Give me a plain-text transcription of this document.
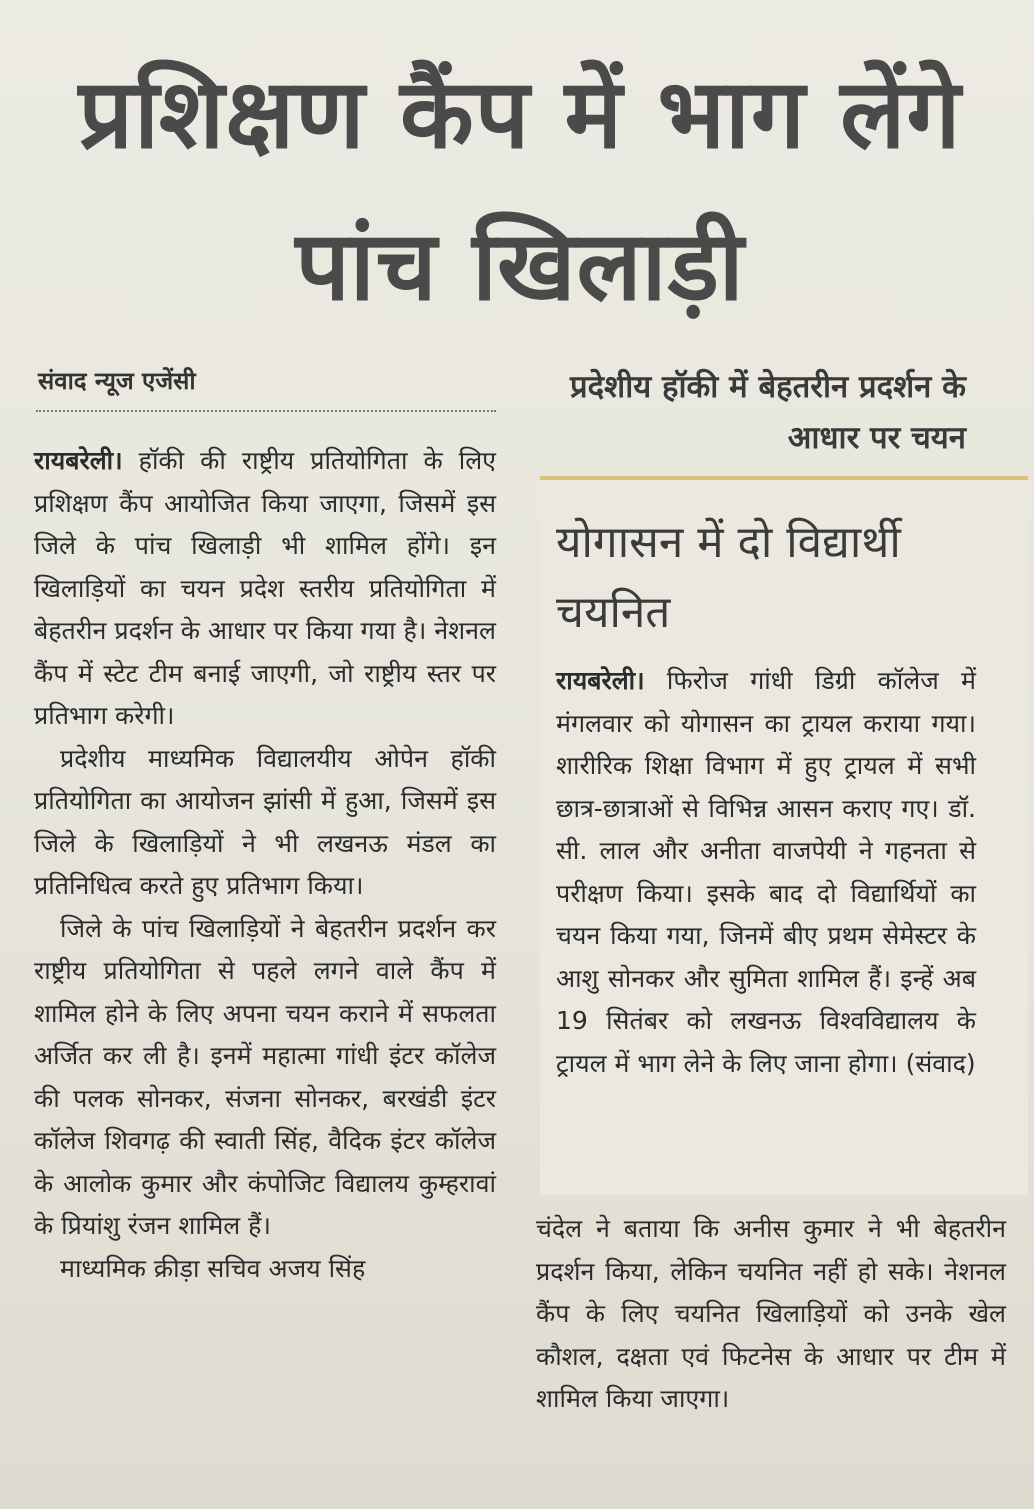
प्रशिक्षण कैंप में भाग लेंगे पांच खिलाड़ी
संवाद न्यूज एजेंसी

रायबरेली। हॉकी की राष्ट्रीय प्रतियोगिता के लिए प्रशिक्षण कैंप आयोजित किया जाएगा, जिसमें इस जिले के पांच खिलाड़ी भी शामिल होंगे। इन खिलाड़ियों का चयन प्रदेश स्तरीय प्रतियोगिता में बेहतरीन प्रदर्शन के आधार पर किया गया है। नेशनल कैंप में स्टेट टीम बनाई जाएगी, जो राष्ट्रीय स्तर पर प्रतिभाग करेगी।

प्रदेशीय माध्यमिक विद्यालयीय ओपेन हॉकी प्रतियोगिता का आयोजन झांसी में हुआ, जिसमें इस जिले के खिलाड़ियों ने भी लखनऊ मंडल का प्रतिनिधित्व करते हुए प्रतिभाग किया।

जिले के पांच खिलाड़ियों ने बेहतरीन प्रदर्शन कर राष्ट्रीय प्रतियोगिता से पहले लगने वाले कैंप में शामिल होने के लिए अपना चयन कराने में सफलता अर्जित कर ली है। इनमें महात्मा गांधी इंटर कॉलेज की पलक सोनकर, संजना सोनकर, बरखंडी इंटर कॉलेज शिवगढ़ की स्वाती सिंह, वैदिक इंटर कॉलेज के आलोक कुमार और कंपोजिट विद्यालय कुम्हरावां के प्रियांशु रंजन शामिल हैं।

माध्यमिक क्रीड़ा सचिव अजय सिंह

प्रदेशीय हॉकी में बेहतरीन प्रदर्शन के आधार पर चयन
योगासन में दो विद्यार्थी चयनित

रायबरेली। फिरोज गांधी डिग्री कॉलेज में मंगलवार को योगासन का ट्रायल कराया गया। शारीरिक शिक्षा विभाग में हुए ट्रायल में सभी छात्र-छात्राओं से विभिन्न आसन कराए गए। डॉ. सी. लाल और अनीता वाजपेयी ने गहनता से परीक्षण किया। इसके बाद दो विद्यार्थियों का चयन किया गया, जिनमें बीए प्रथम सेमेस्टर के आशु सोनकर और सुमिता शामिल हैं। इन्हें अब 19 सितंबर को लखनऊ विश्वविद्यालय के ट्रायल में भाग लेने के लिए जाना होगा। (संवाद)

चंदेल ने बताया कि अनीस कुमार ने भी बेहतरीन प्रदर्शन किया, लेकिन चयनित नहीं हो सके। नेशनल कैंप के लिए चयनित खिलाड़ियों को उनके खेल कौशल, दक्षता एवं फिटनेस के आधार पर टीम में शामिल किया जाएगा।
